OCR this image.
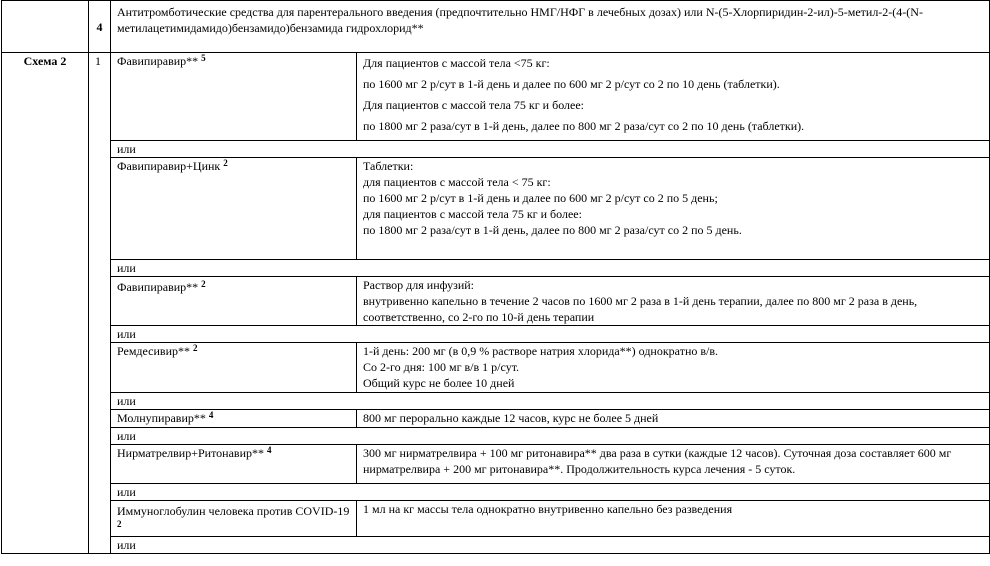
	4	Антитромботические средства для парентерального введения (предпочтительно НМГ/НФГ в лечебных дозах) или N-(5-Хлорпиридин-2-ил)-5-метил-2-(4-(N-метилацетимидамидо)бензамидо)бензамида гидрохлорид**	
Схема 2	1	Фавипиравир** $^5$	Для пациентов с массой тела <75 кг:

по 1600 мг 2 р/сут в 1-й день и далее по 600 мг 2 р/сут со 2 по 10 день (таблетки).

Для пациентов с массой тела 75 кг и более:

по 1800 мг 2 раза/сут в 1-й день, далее по 800 мг 2 раза/сут со 2 по 10 день (таблетки).

		или	
		Фавипиравир+Цинк $^2$	Таблетки:

для пациентов с массой тела < 75 кг:

по 1600 мг 2 р/сут в 1-й день и далее по 600 мг 2 р/сут со 2 по 5 день;

для пациентов с массой тела 75 кг и более:

по 1800 мг 2 раза/сут в 1-й день, далее по 800 мг 2 раза/сут со 2 по 5 день.

		или	
		Фавипиравир** $^2$	Раствор для инфузий:

внутривенно капельно в течение 2 часов по 1600 мг 2 раза в 1-й день терапии, далее по 800 мг 2 раза в день, соответственно, со 2-го по 10-й день терапии

		или	
		Ремдесивир** $^2$	1-й день: 200 мг (в 0,9 % растворе натрия хлорида**) однократно в/в.

Со 2-го дня: 100 мг в/в 1 р/сут.

Общий курс не более 10 дней

		или	
		Молнупиравир** $^4$	800 мг перорально каждые 12 часов, курс не более 5 дней

		или	
		Нирматрелвир+Ритонавир** $^4$	300 мг нирматрелвира + 100 мг ритонавира** два раза в сутки (каждые 12 часов). Суточная доза составляет 600 мг нирматрелвира + 200 мг ритонавира**. Продолжительность курса лечения - 5 суток.

		или	
		Иммуноглобулин человека против COVID-19 $^2$	1 мл на кг массы тела однократно внутривенно капельно без разведения

		или	
